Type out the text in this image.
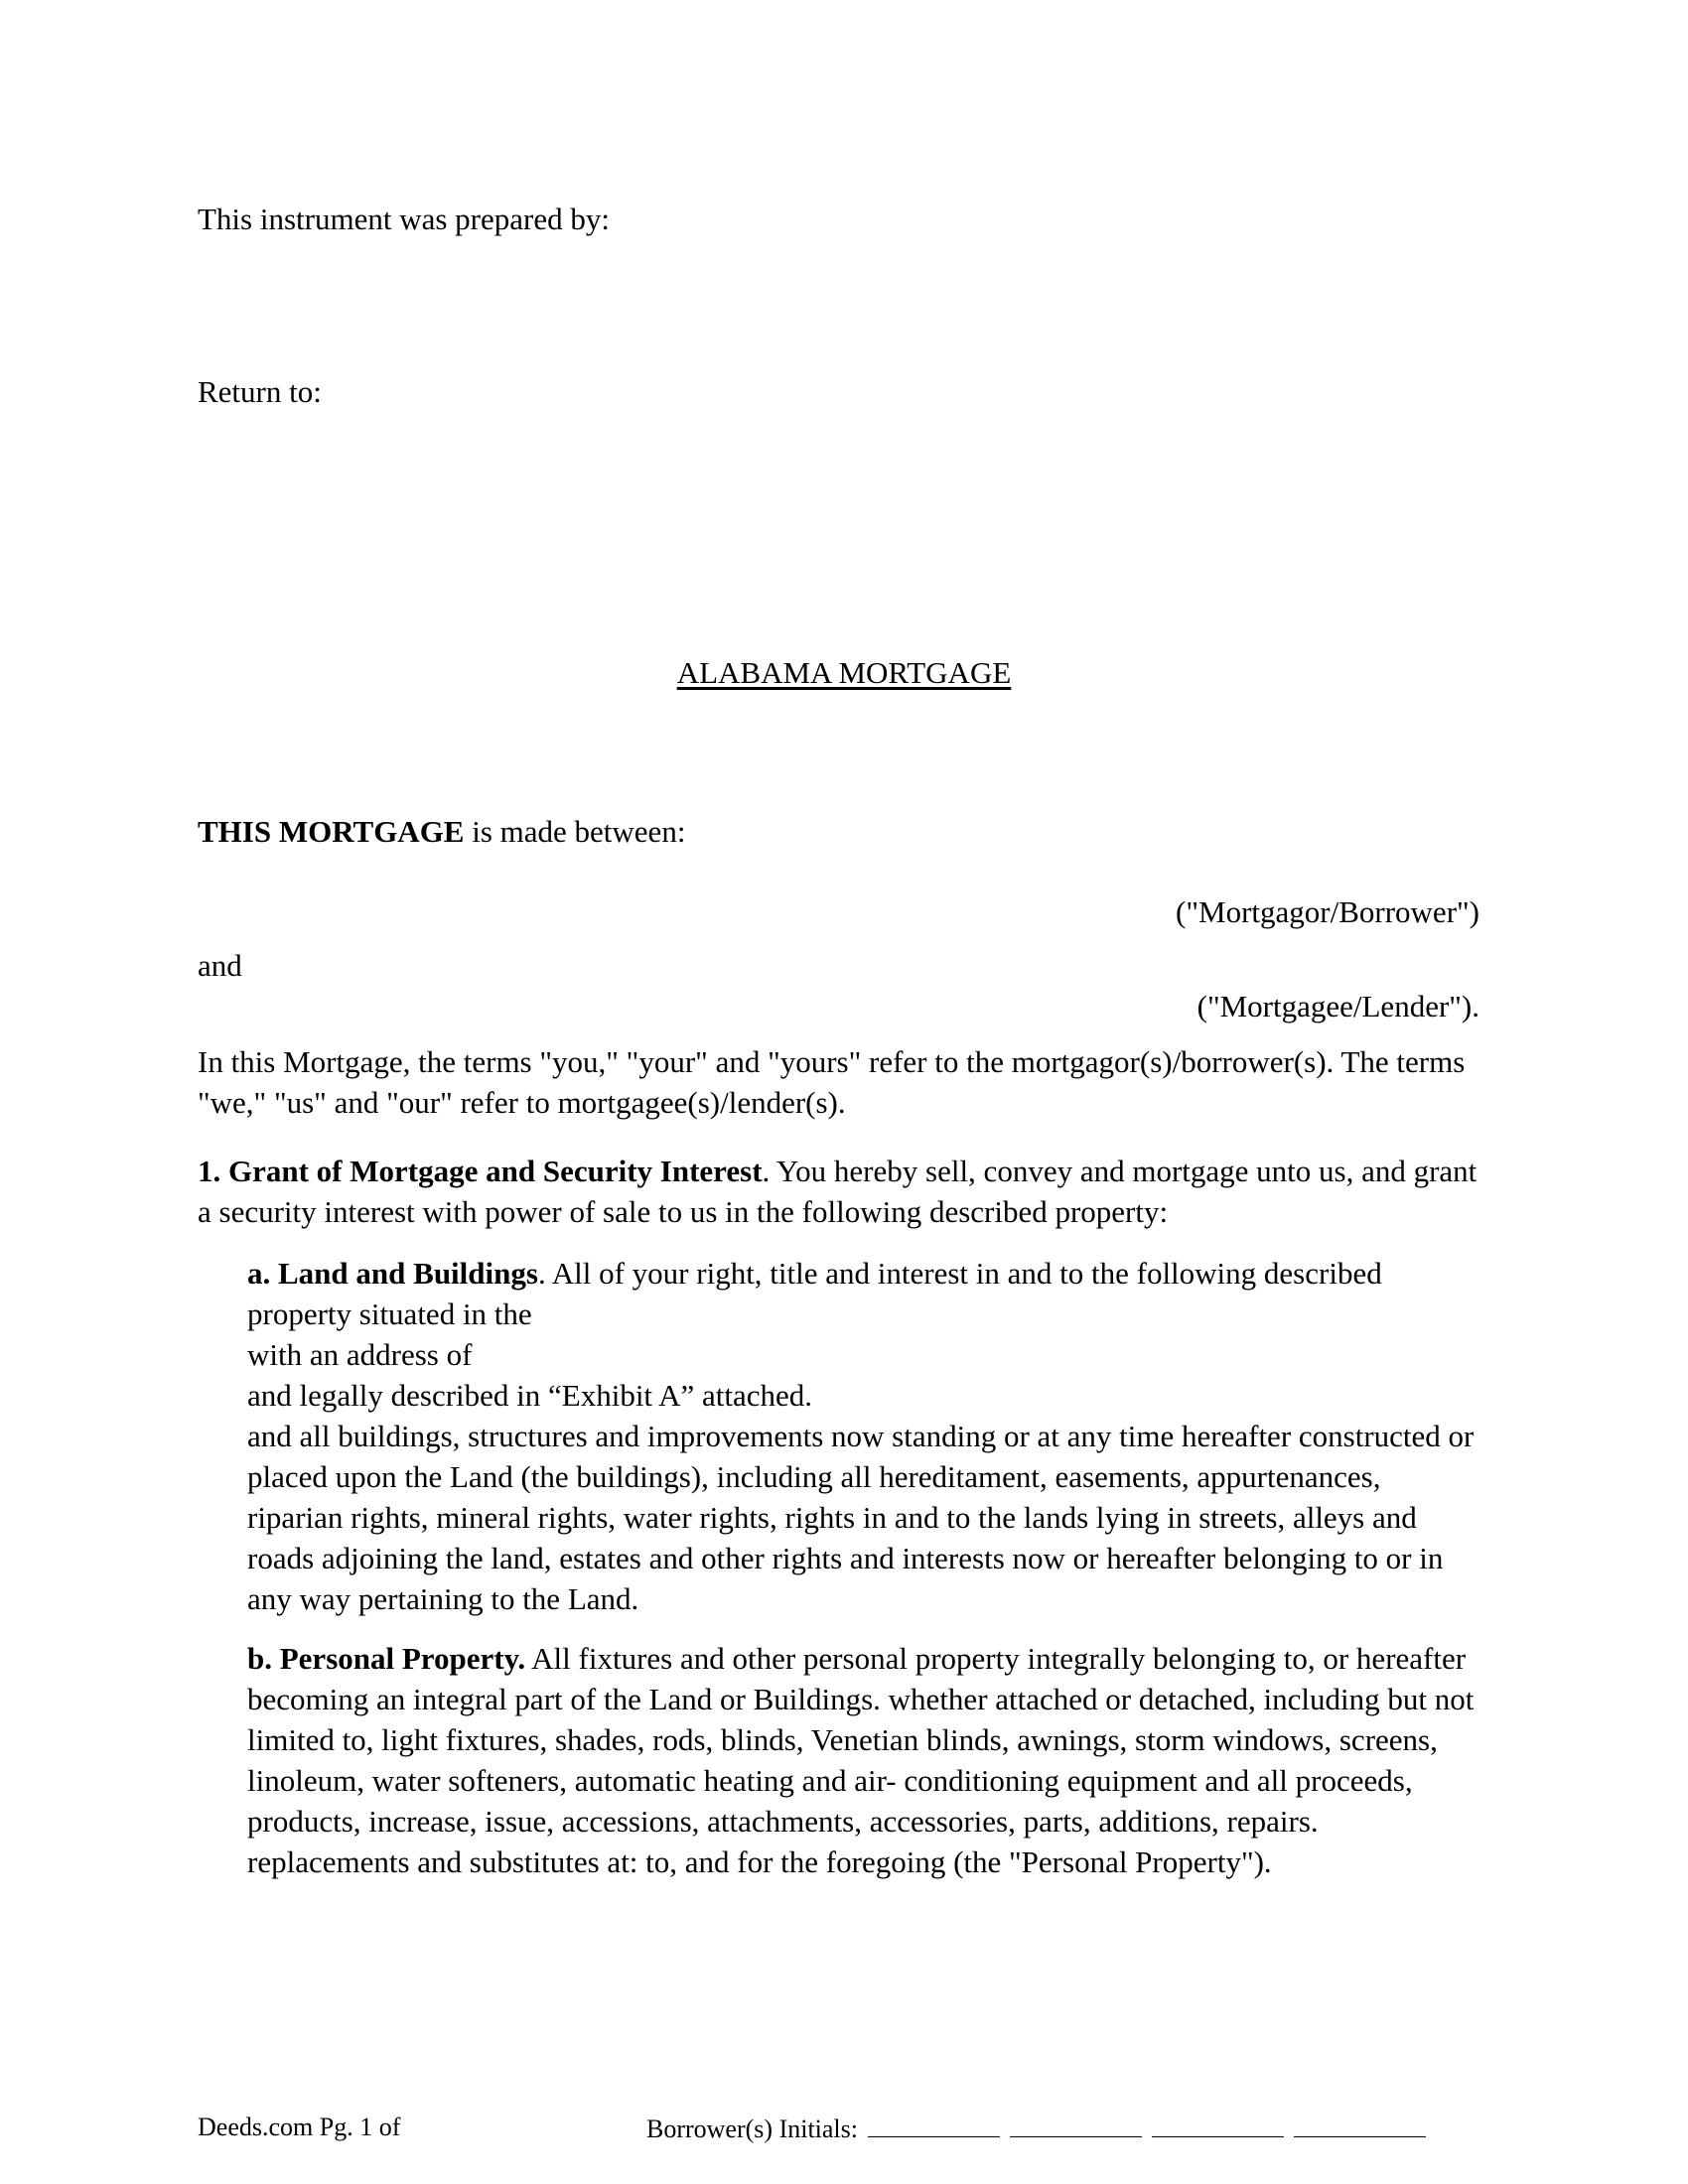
This instrument was prepared by:
Return to:
ALABAMA MORTGAGE
THIS MORTGAGE is made between:
("Mortgagor/Borrower")
and
("Mortgagee/Lender").
In this Mortgage, the terms "you," "your" and "yours" refer to the mortgagor(s)/borrower(s). The terms "we," "us" and "our" refer to mortgagee(s)/lender(s).
1. Grant of Mortgage and Security Interest. You hereby sell, convey and mortgage unto us, and grant a security interest with power of sale to us in the following described property:
a. Land and Buildings. All of your right, title and interest in and to the following described
property situated in the
with an address of
and legally described in “Exhibit A” attached.
and all buildings, structures and improvements now standing or at any time hereafter constructed or placed upon the Land (the buildings), including all hereditament, easements, appurtenances, riparian rights, mineral rights, water rights, rights in and to the lands lying in streets, alleys and roads adjoining the land, estates and other rights and interests now or hereafter belonging to or in any way pertaining to the Land.
b. Personal Property. All fixtures and other personal property integrally belonging to, or hereafter becoming an integral part of the Land or Buildings. whether attached or detached, including but not limited to, light fixtures, shades, rods, blinds, Venetian blinds, awnings, storm windows, screens, linoleum, water softeners, automatic heating and air- conditioning equipment and all proceeds, products, increase, issue, accessions, attachments, accessories, parts, additions, repairs. replacements and substitutes at: to, and for the foregoing (the "Personal Property").
Deeds.com Pg. 1 of	Borrower(s) Initials:
